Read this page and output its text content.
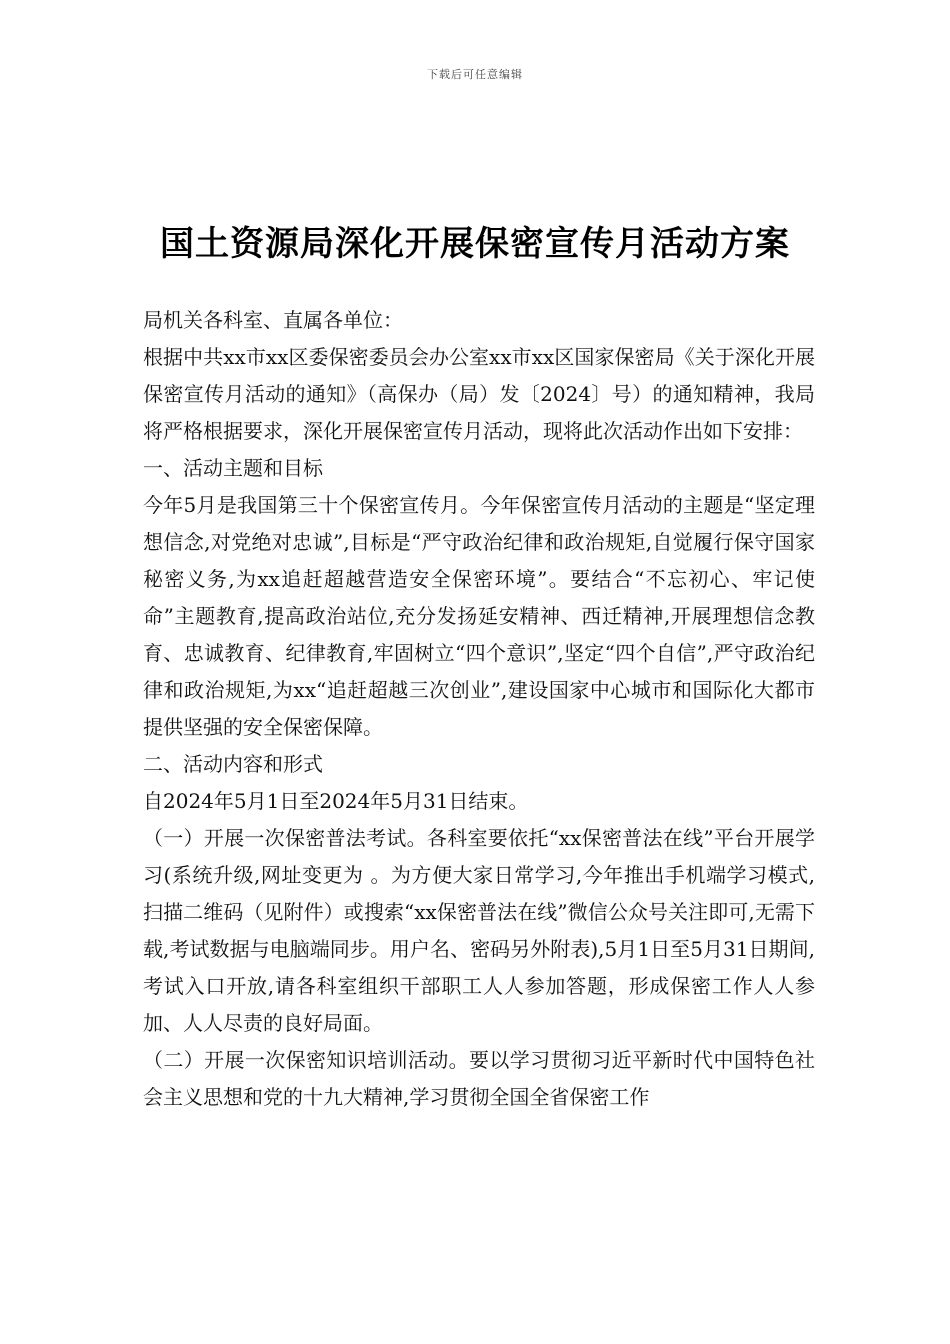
下载后可任意编辑
国土资源局深化开展保密宣传月活动方案

局机关各科室、直属各单位：

根据中共xx市xx区委保密委员会办公室xx市xx区国家保密局《关于深化开展保密宣传月活动的通知》（高保办（局）发〔2024〕号）的通知精神，我局将严格根据要求，深化开展保密宣传月活动，现将此次活动作出如下安排：

一、活动主题和目标

今年5月是我国第三十个保密宣传月。今年保密宣传月活动的主题是“坚定理想信念,对党绝对忠诚”,目标是“严守政治纪律和政治规矩,自觉履行保守国家秘密义务,为xx追赶超越营造安全保密环境”。要结合“不忘初心、牢记使命”主题教育,提高政治站位,充分发扬延安精神、西迁精神,开展理想信念教育、忠诚教育、纪律教育,牢固树立“四个意识”,坚定“四个自信”,严守政治纪律和政治规矩,为xx“追赶超越三次创业”,建设国家中心城市和国际化大都市提供坚强的安全保密保障。

二、活动内容和形式

自2024年5月1日至2024年5月31日结束。

（一）开展一次保密普法考试。各科室要依托“xx保密普法在线”平台开展学习(系统升级,网址变更为 。为方便大家日常学习,今年推出手机端学习模式,扫描二维码（见附件）或搜索“xx保密普法在线”微信公众号关注即可,无需下载,考试数据与电脑端同步。用户名、密码另外附表),5月1日至5月31日期间,考试入口开放,请各科室组织干部职工人人参加答题，形成保密工作人人参加、人人尽责的良好局面。

（二）开展一次保密知识培训活动。要以学习贯彻习近平新时代中国特色社会主义思想和党的十九大精神,学习贯彻全国全省保密工作
